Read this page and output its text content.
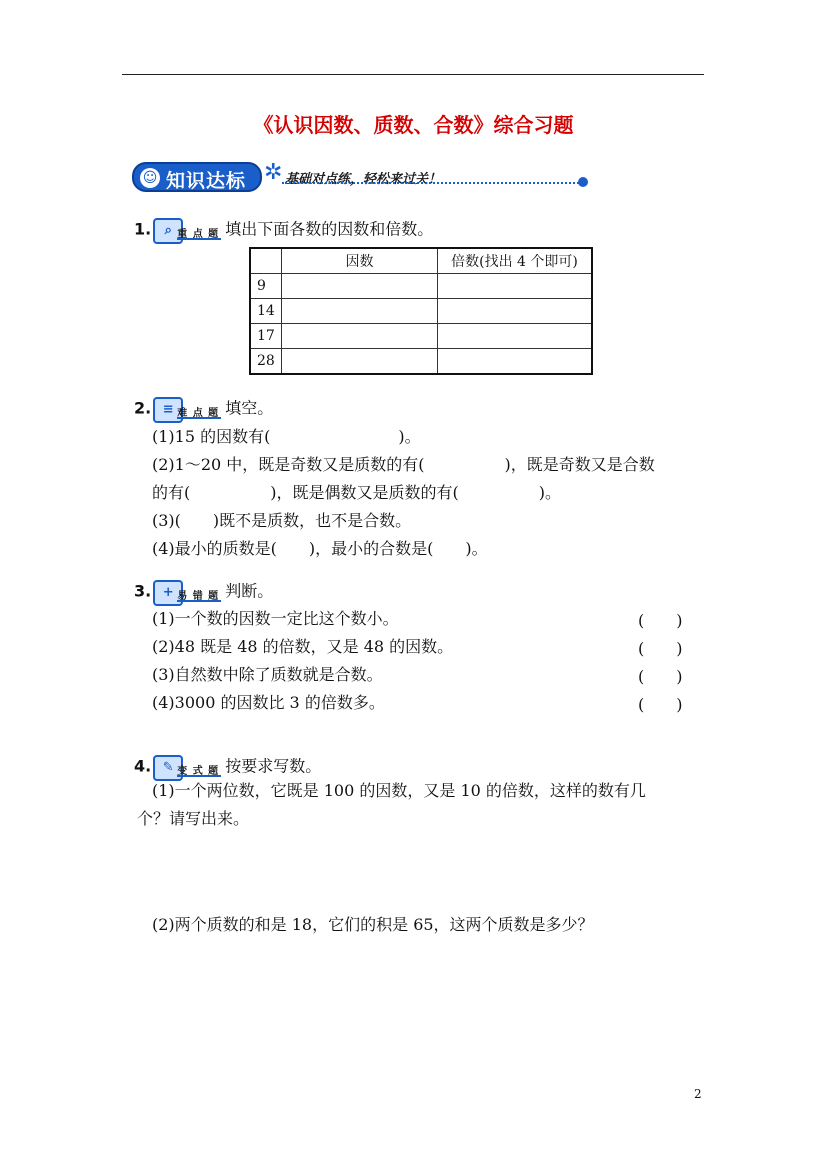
《认识因数、质数、合数》综合习题
☺ 知识达标 ✲ 基础对点练，轻松来过关！
1.	⌕ 重 点 题 填出下面各数的因数和倍数。
	因数	倍数(找出 4 个即可)
9		
14		
17		
28		
2. ≡ 难 点 题 填空。
(1)15 的因数有(　　　　　　　　)。
(2)1～20 中，既是奇数又是质数的有(　　　　　)，既是奇数又是合数
的有(　　　　　)，既是偶数又是质数的有(　　　　　)。
(3)(　　)既不是质数，也不是合数。
(4)最小的质数是(　　)，最小的合数是(　　)。
3. + 易 错 题 判断。
(1)一个数的因数一定比这个数小。	(　　)
(2)48 既是 48 的倍数，又是 48 的因数。	(　　)
(3)自然数中除了质数就是合数。	(　　)
(4)3000 的因数比 3 的倍数多。	(　　)
4. ✎ 变 式 题 按要求写数。
(1)一个两位数，它既是 100 的因数，又是 10 的倍数，这样的数有几
个？请写出来。
(2)两个质数的和是 18，它们的积是 65，这两个质数是多少？
2
